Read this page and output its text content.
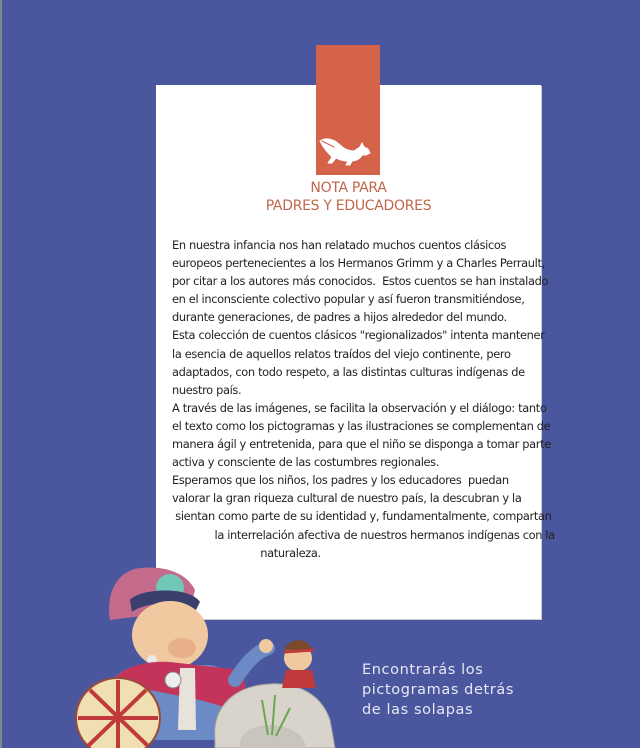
NOTA PARA
PADRES Y EDUCADORES

En nuestra infancia nos han relatado muchos cuentos clásicos

europeos pertenecientes a los Hermanos Grimm y a Charles Perrault,

por citar a los autores más conocidos.  Estos cuentos se han instalado

en el inconsciente colectivo popular y así fueron transmitiéndose,

durante generaciones, de padres a hijos alrededor del mundo.

Esta colección de cuentos clásicos "regionalizados" intenta mantener

la esencia de aquellos relatos traídos del viejo continente, pero

adaptados, con todo respeto, a las distintas culturas indígenas de

nuestro país.

A través de las imágenes, se facilita la observación y el diálogo: tanto

el texto como los pictogramas y las ilustraciones se complementan de

manera ágil y entretenida, para que el niño se disponga a tomar parte

activa y consciente de las costumbres regionales.

Esperamos que los niños, los padres y los educadores  puedan

valorar la gran riqueza cultural de nuestro país, la descubran y la

sientan como parte de su identidad y, fundamentalmente, compartan

la interrelación afectiva de nuestros hermanos indígenas con la

naturaleza.

Encontrarás los

pictogramas detrás

de las solapas
